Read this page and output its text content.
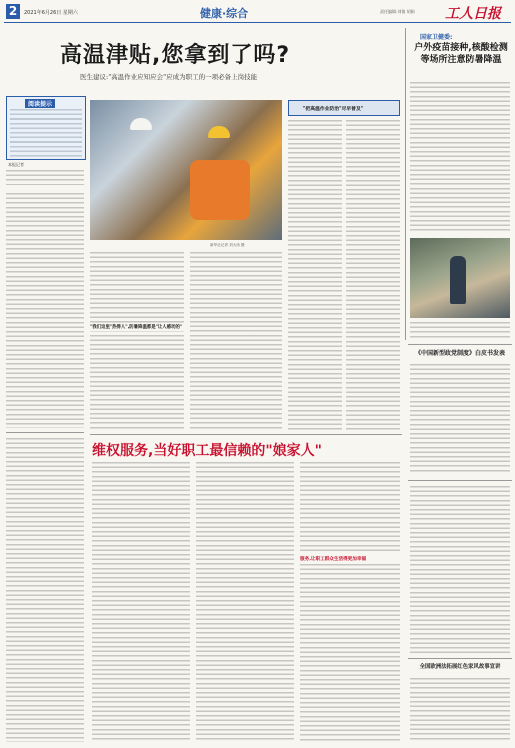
2	2021年6月26日 星期六	健康·综合	责任编辑:刘倩 胡娟 工人日报
高温津贴,您拿到了吗?
医生建议:"高温作业应知应会"应成为职工的一项必备上岗技能
阅读提示
本报记者
新华社记者 刘大伟 摄
"我们这里"热得人",防暑降温都是"让人感动的"
"把高温作业防治"尽早普及"
国家卫健委:
户外疫苗接种,核酸检测等场所注意防暑降温
维权服务,当好职工最信赖的"娘家人"
服务,让职工群众生活得更加幸福
《中国新型政党制度》白皮书发表
全国欧洲法拓展红色家风故事宣讲
